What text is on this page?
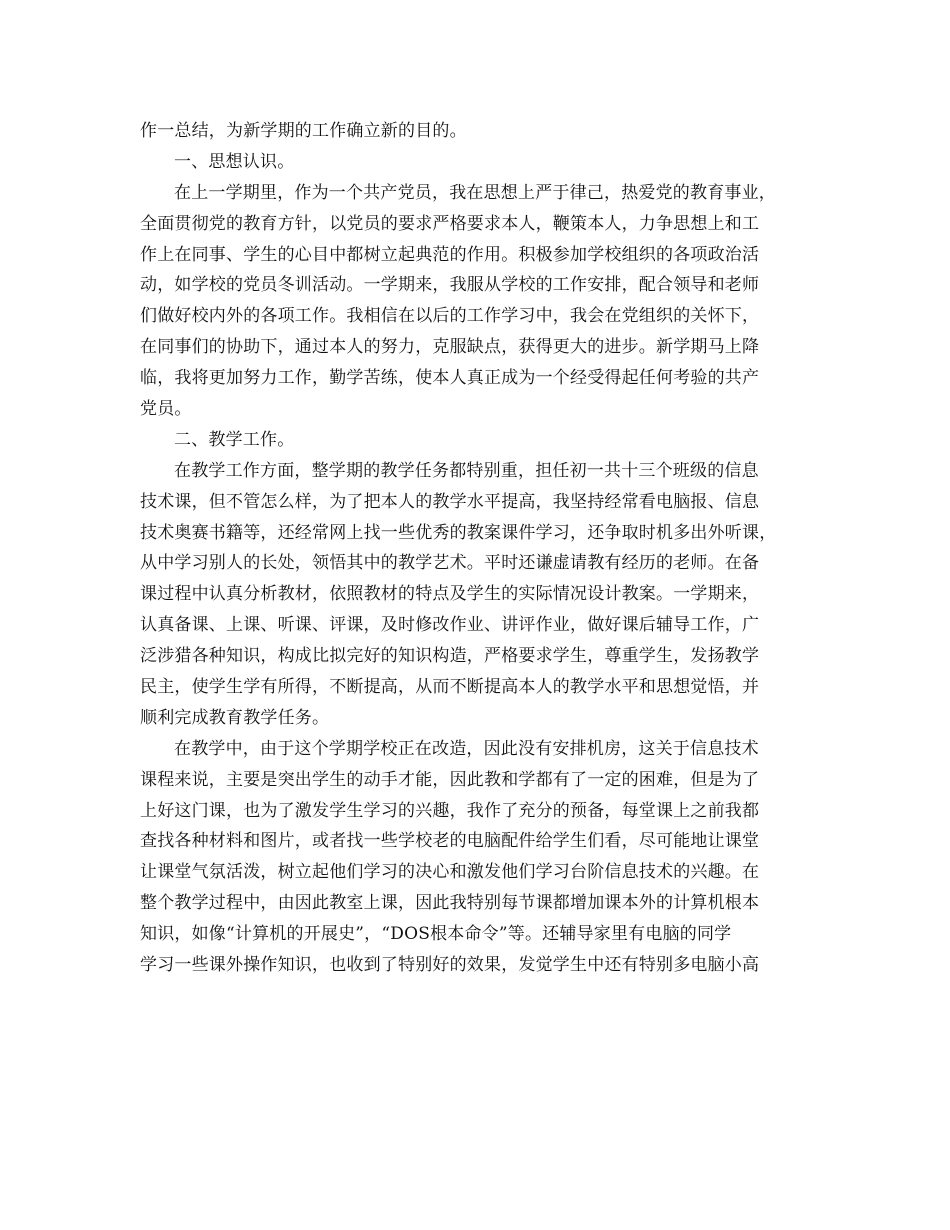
作一总结，为新学期的工作确立新的目的。
一、思想认识。
在上一学期里，作为一个共产党员，我在思想上严于律己，热爱党的教育事业，
全面贯彻党的教育方针，以党员的要求严格要求本人，鞭策本人，力争思想上和工
作上在同事、学生的心目中都树立起典范的作用。积极参加学校组织的各项政治活
动，如学校的党员冬训活动。一学期来，我服从学校的工作安排，配合领导和老师
们做好校内外的各项工作。我相信在以后的工作学习中，我会在党组织的关怀下，
在同事们的协助下，通过本人的努力，克服缺点，获得更大的进步。新学期马上降
临，我将更加努力工作，勤学苦练，使本人真正成为一个经受得起任何考验的共产
党员。
二、教学工作。
在教学工作方面，整学期的教学任务都特别重，担任初一共十三个班级的信息
技术课，但不管怎么样，为了把本人的教学水平提高，我坚持经常看电脑报、信息
技术奥赛书籍等，还经常网上找一些优秀的教案课件学习，还争取时机多出外听课，
从中学习别人的长处，领悟其中的教学艺术。平时还谦虚请教有经历的老师。在备
课过程中认真分析教材，依照教材的特点及学生的实际情况设计教案。一学期来，
认真备课、上课、听课、评课，及时修改作业、讲评作业，做好课后辅导工作，广
泛涉猎各种知识，构成比拟完好的知识构造，严格要求学生，尊重学生，发扬教学
民主，使学生学有所得，不断提高，从而不断提高本人的教学水平和思想觉悟，并
顺利完成教育教学任务。
在教学中，由于这个学期学校正在改造，因此没有安排机房，这关于信息技术
课程来说，主要是突出学生的动手才能，因此教和学都有了一定的困难，但是为了
上好这门课，也为了激发学生学习的兴趣，我作了充分的预备，每堂课上之前我都
查找各种材料和图片，或者找一些学校老的电脑配件给学生们看，尽可能地让课堂
让课堂气氛活泼，树立起他们学习的决心和激发他们学习台阶信息技术的兴趣。在
整个教学过程中，由因此教室上课，因此我特别每节课都增加课本外的计算机根本
知识，如像“计算机的开展史”，“DOS根本命令”等。还辅导家里有电脑的同学
学习一些课外操作知识，也收到了特别好的效果，发觉学生中还有特别多电脑小高
